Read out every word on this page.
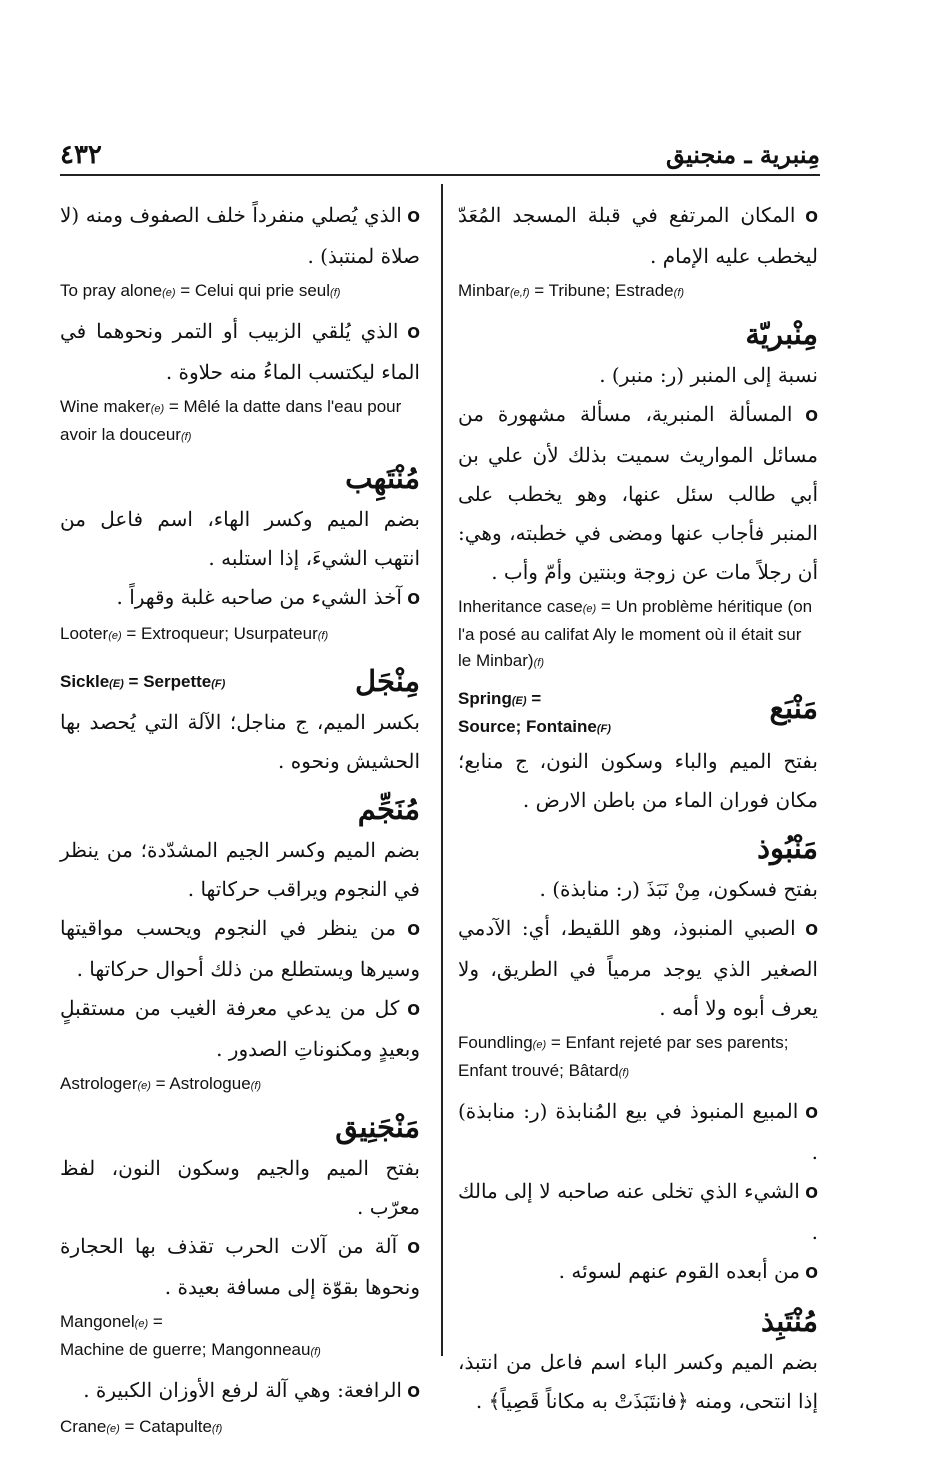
٤٣٢	مِنبرية ـ منجنيق

O المكان المرتفع في قبلة المسجد المُعَدّ ليخطب عليه الإمام .

Minbar(e,f) = Tribune; Estrade(f)

مِنْبريّة

نسبة إلى المنبر (ر: منبر) .

O المسألة المنبرية، مسألة مشهورة من مسائل المواريث سميت بذلك لأن علي بن أبي طالب سئل عنها، وهو يخطب على المنبر فأجاب عنها ومضى في خطبته، وهي: أن رجلاً مات عن زوجة وبنتين وأمّ وأب .

Inheritance case(e) = Un problème héritique (on l'a posé au califat Aly le moment où il était sur le Minbar)(f)

Spring(E) =
Source; Fontaine(F)

مَنْبَع

بفتح الميم والباء وسكون النون، ج منابع؛ مكان فوران الماء من باطن الارض .

مَنْبُوذ

بفتح فسكون، مِنْ نَبَذَ (ر: منابذة) .

O الصبي المنبوذ، وهو اللقيط، أي: الآدمي الصغير الذي يوجد مرمياً في الطريق، ولا يعرف أبوه ولا أمه .

Foundling(e) = Enfant rejeté par ses parents; Enfant trouvé; Bâtard(f)

O المبيع المنبوذ في بيع المُنابذة (ر: منابذة) .

O الشيء الذي تخلى عنه صاحبه لا إلى مالك .

O من أبعده القوم عنهم لسوئه .

مُنْتَبِذ

بضم الميم وكسر الباء اسم فاعل من انتبذ، إذا انتحى، ومنه ﴿فانتَبَذَتْ به مكاناً قَصِياً﴾ .

O الذي يُصلي منفرداً خلف الصفوف ومنه (لا صلاة لمنتبذ) .

To pray alone(e) = Celui qui prie seul(f)

O الذي يُلقي الزبيب أو التمر ونحوهما في الماء ليكتسب الماءُ منه حلاوة .

Wine maker(e) = Mêlé la datte dans l'eau pour avoir la douceur(f)

مُنْتَهِب

بضم الميم وكسر الهاء، اسم فاعل من انتهب الشيءَ، إذا استلبه .

O آخذ الشيء من صاحبه غلبة وقهراً .

Looter(e) = Extroqueur; Usurpateur(f)

Sickle(E) = Serpette(F)	مِنْجَل

بكسر الميم، ج مناجل؛ الآلة التي يُحصد بها الحشيش ونحوه .

مُنَجِّم

بضم الميم وكسر الجيم المشدّدة؛ من ينظر في النجوم ويراقب حركاتها .

O من ينظر في النجوم ويحسب مواقيتها وسيرها ويستطلع من ذلك أحوال حركاتها .

O كل من يدعي معرفة الغيب من مستقبلٍ وبعيدٍ ومكنوناتِ الصدور .

Astrologer(e) = Astrologue(f)

مَنْجَنِيق

بفتح الميم والجيم وسكون النون، لفظ معرّب .

O آلة من آلات الحرب تقذف بها الحجارة ونحوها بقوّة إلى مسافة بعيدة .

Mangonel(e) =
Machine de guerre; Mangonneau(f)

O الرافعة: وهي آلة لرفع الأوزان الكبيرة .

Crane(e) = Catapulte(f)
